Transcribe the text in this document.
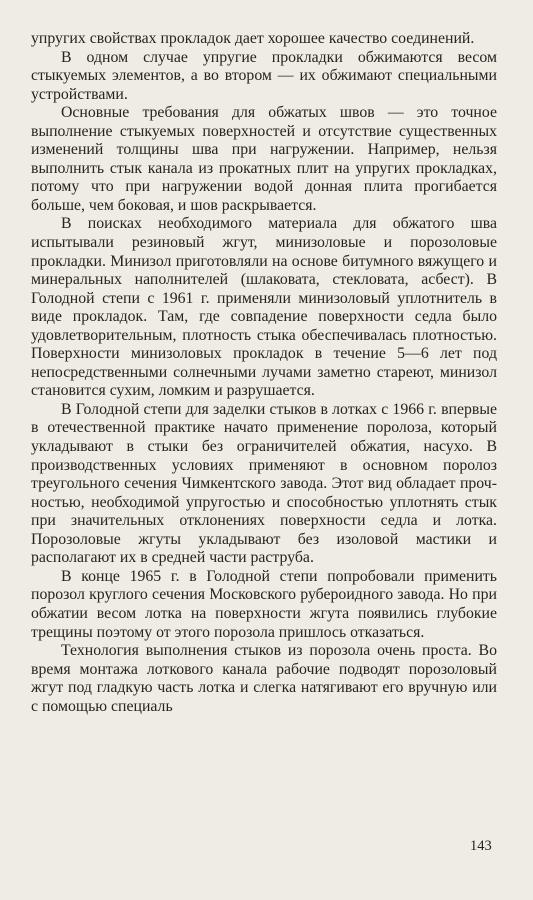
упругих свойствах прокладок дает хорошее качество соединений.

В одном случае упругие прокладки обжимаются весом стыкуемых элементов, а во втором — их обжимают специальными устройствами.

Основные требования для обжатых швов — это точное выполнение стыкуемых поверхностей и отсутствие существенных изменений толщины шва при нагружении. Например, нельзя выполнить стык канала из прокатных плит на упругих прокладках, потому что при нагружении водой донная плита прогибается больше, чем боковая, и шов раскрывается.

В поисках необходимого материала для обжатого шва испытывали резиновый жгут, минизоловые и порозоловые прокладки. Минизол приготовляли на основе битумного вяжущего и минеральных наполнителей (шлаковата, стекловата, асбест). В Голодной степи с 1961 г. применяли минизоловый уплотнитель в виде прокладок. Там, где совпадение поверхности седла было удовлетворительным, плотность стыка обеспечивалась плотностью. Поверхности минизоловых прокладок в течение 5—6 лет под непосредственными солнечными лучами заметно стареют, минизол становится сухим, ломким и разрушается.

В Голодной степи для заделки стыков в лотках с 1966 г. впервые в отечественной практике начато применение поролоза, который укладывают в стыки без ограничителей обжатия, насухо. В производственных условиях применяют в основном поролоз треугольного сечения Чимкентского завода. Этот вид обладает прочностью, необходимой упругостью и способностью уплотнять стык при значительных отклонениях поверхности седла и лотка. Порозоловые жгуты укладывают без изоловой мастики и располагают их в средней части раструба.

В конце 1965 г. в Голодной степи попробовали применить порозол круглого сечения Московского рубероидного завода. Но при обжатии весом лотка на поверхности жгута появились глубокие трещины поэтому от этого порозола пришлось отказаться.

Технология выполнения стыков из порозола очень проста. Во время монтажа лоткового канала рабочие подводят порозоловый жгут под гладкую часть лотка и слегка натягивают его вручную или с помощью специаль

143
